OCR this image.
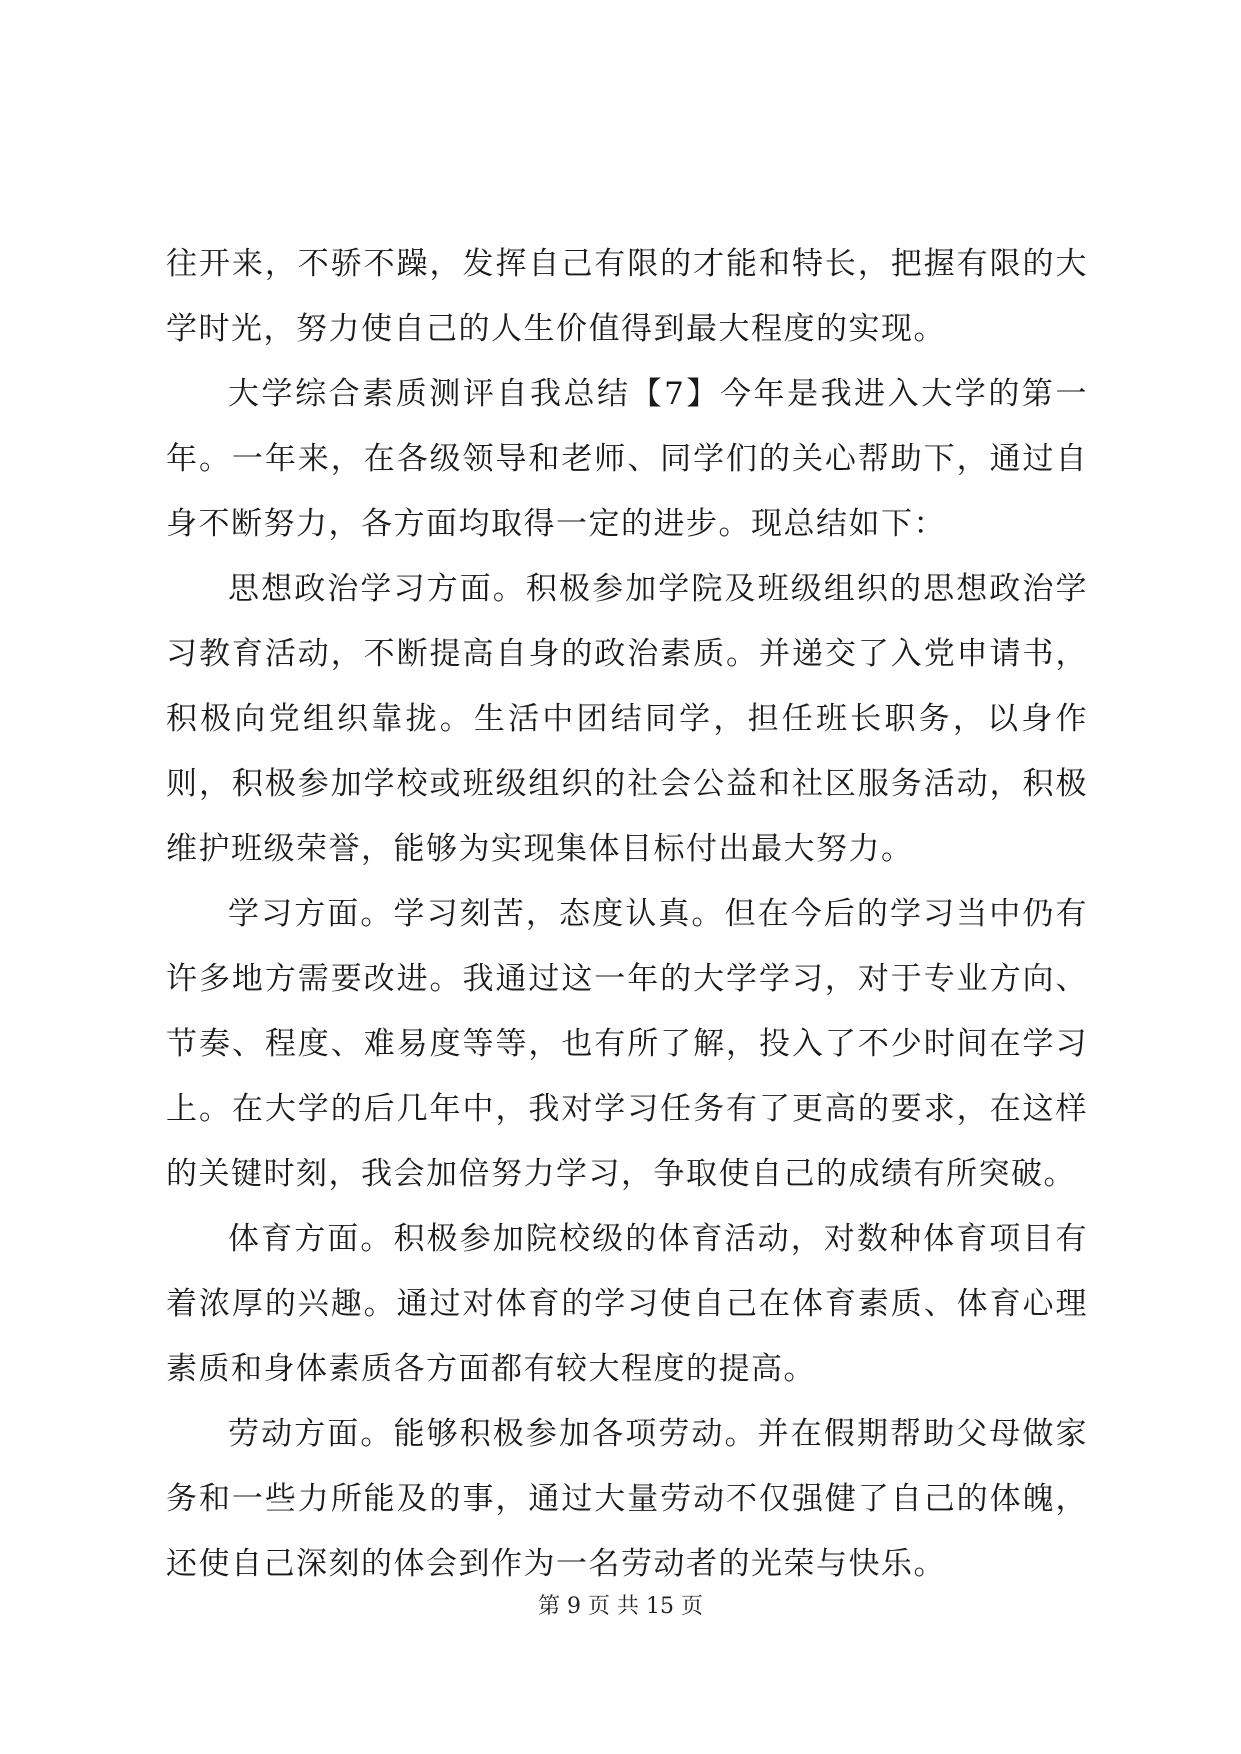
往开来，不骄不躁，发挥自己有限的才能和特长，把握有限的大学时光，努力使自己的人生价值得到最大程度的实现。

大学综合素质测评自我总结【7】今年是我进入大学的第一年。一年来，在各级领导和老师、同学们的关心帮助下，通过自身不断努力，各方面均取得一定的进步。现总结如下：

思想政治学习方面。积极参加学院及班级组织的思想政治学习教育活动，不断提高自身的政治素质。并递交了入党申请书，积极向党组织靠拢。生活中团结同学，担任班长职务，以身作则，积极参加学校或班级组织的社会公益和社区服务活动，积极维护班级荣誉，能够为实现集体目标付出最大努力。

学习方面。学习刻苦，态度认真。但在今后的学习当中仍有许多地方需要改进。我通过这一年的大学学习，对于专业方向、节奏、程度、难易度等等，也有所了解，投入了不少时间在学习上。在大学的后几年中，我对学习任务有了更高的要求，在这样的关键时刻，我会加倍努力学习，争取使自己的成绩有所突破。

体育方面。积极参加院校级的体育活动，对数种体育项目有着浓厚的兴趣。通过对体育的学习使自己在体育素质、体育心理素质和身体素质各方面都有较大程度的提高。

劳动方面。能够积极参加各项劳动。并在假期帮助父母做家务和一些力所能及的事，通过大量劳动不仅强健了自己的体魄，还使自己深刻的体会到作为一名劳动者的光荣与快乐。

第 9 页 共 15 页
